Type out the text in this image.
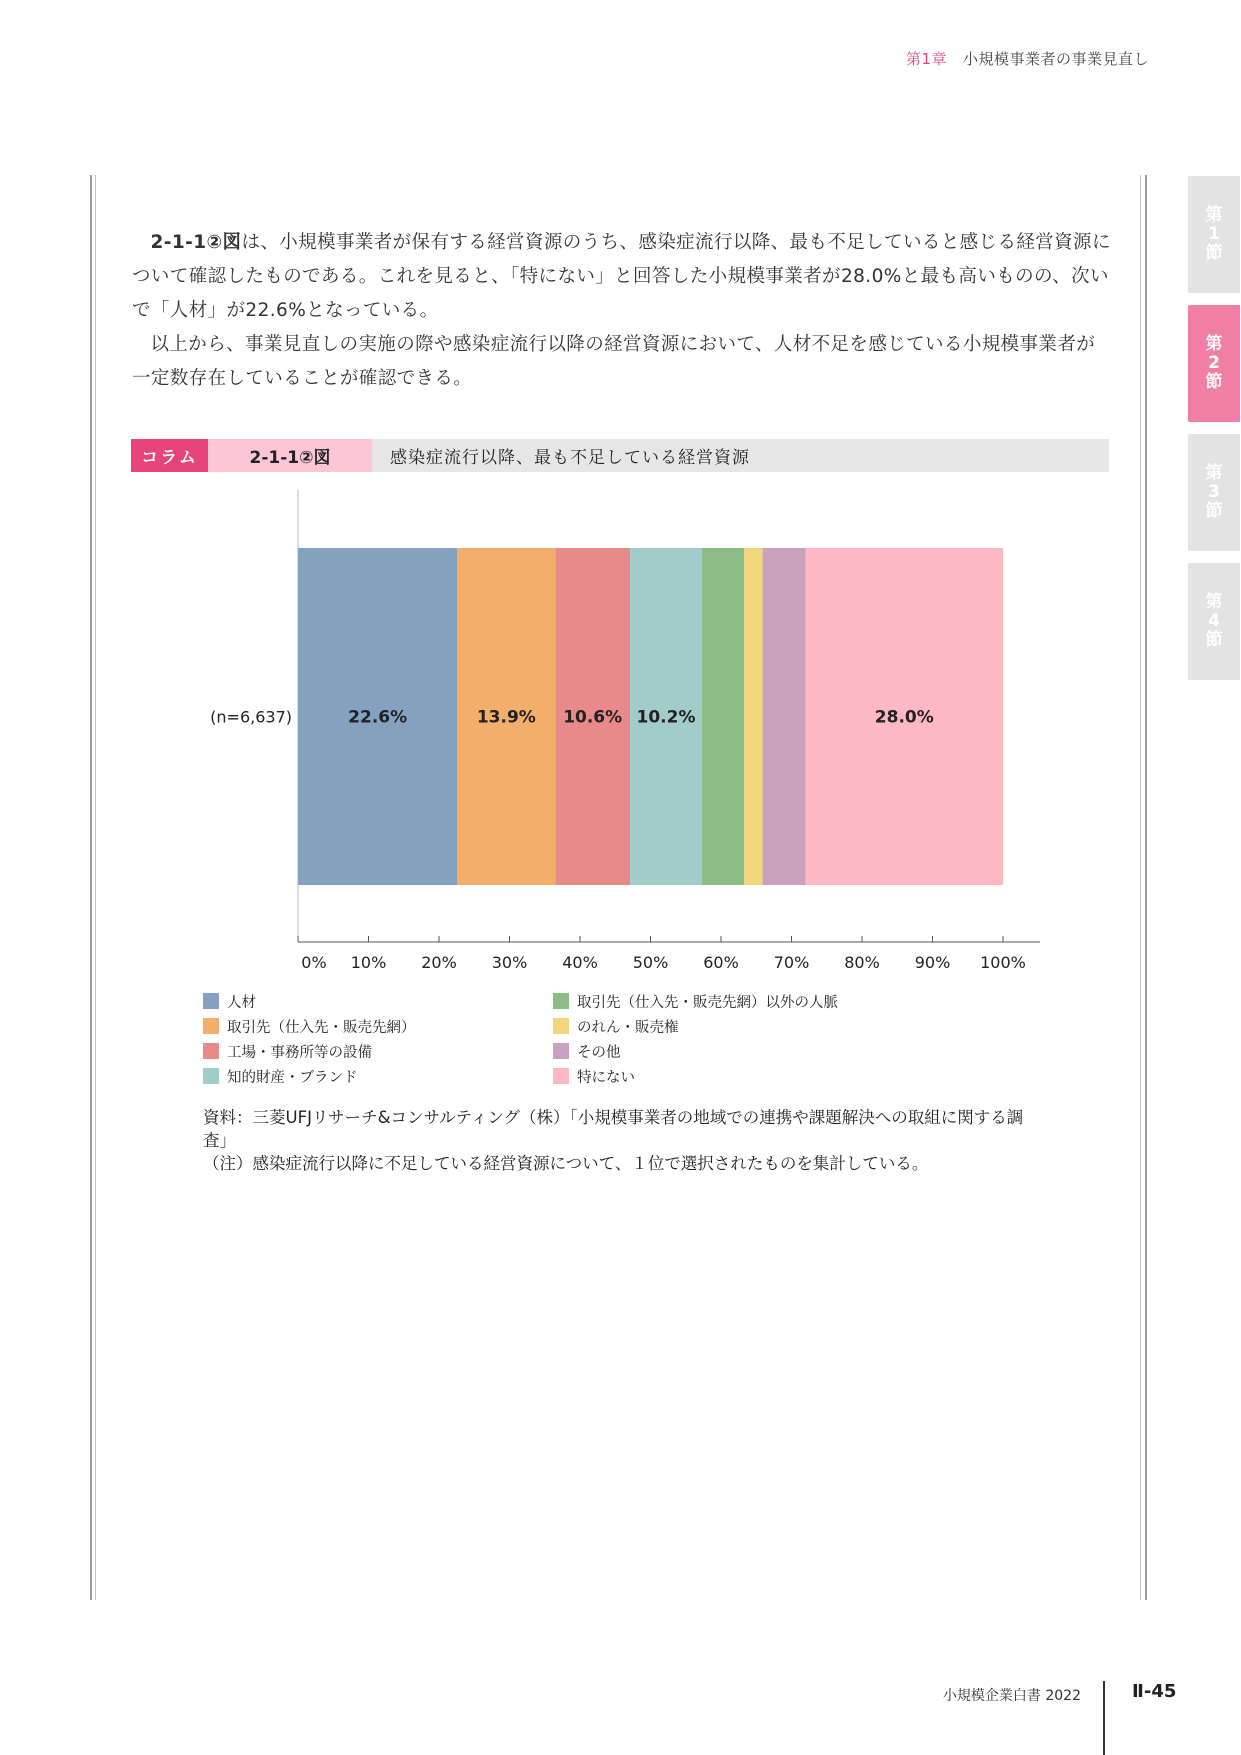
第1章 小規模事業者の事業見直し
第
1
節
第
2
節
第
3
節
第
4
節

2-1-1②図は、小規模事業者が保有する経営資源のうち、感染症流行以降、最も不足していると感じる経営資源について確認したものである。これを見ると、「特にない」と回答した小規模事業者が28.0%と最も高いものの、次いで「人材」が22.6%となっている。

以上から、事業見直しの実施の際や感染症流行以降の経営資源において、人材不足を感じている小規模事業者が一定数存在していることが確認できる。

コラム	2-1-1②図	感染症流行以降、最も不足している経営資源
22.6%	13.9% 10.6% 10.2%	28.0%
(n=6,637)
0% 10% 20% 30% 40% 50% 60% 70% 80% 90% 100%
人材	取引先（仕入先・販売先網）以外の人脈
取引先（仕入先・販売先網）	のれん・販売権
工場・事務所等の設備	その他
知的財産・ブランド	特にない
資料：三菱UFJリサーチ&コンサルティング（株）「小規模事業者の地域での連携や課題解決への取組に関する調査」
（注）感染症流行以降に不足している経営資源について、１位で選択されたものを集計している。
小規模企業白書 2022	Ⅱ-45
